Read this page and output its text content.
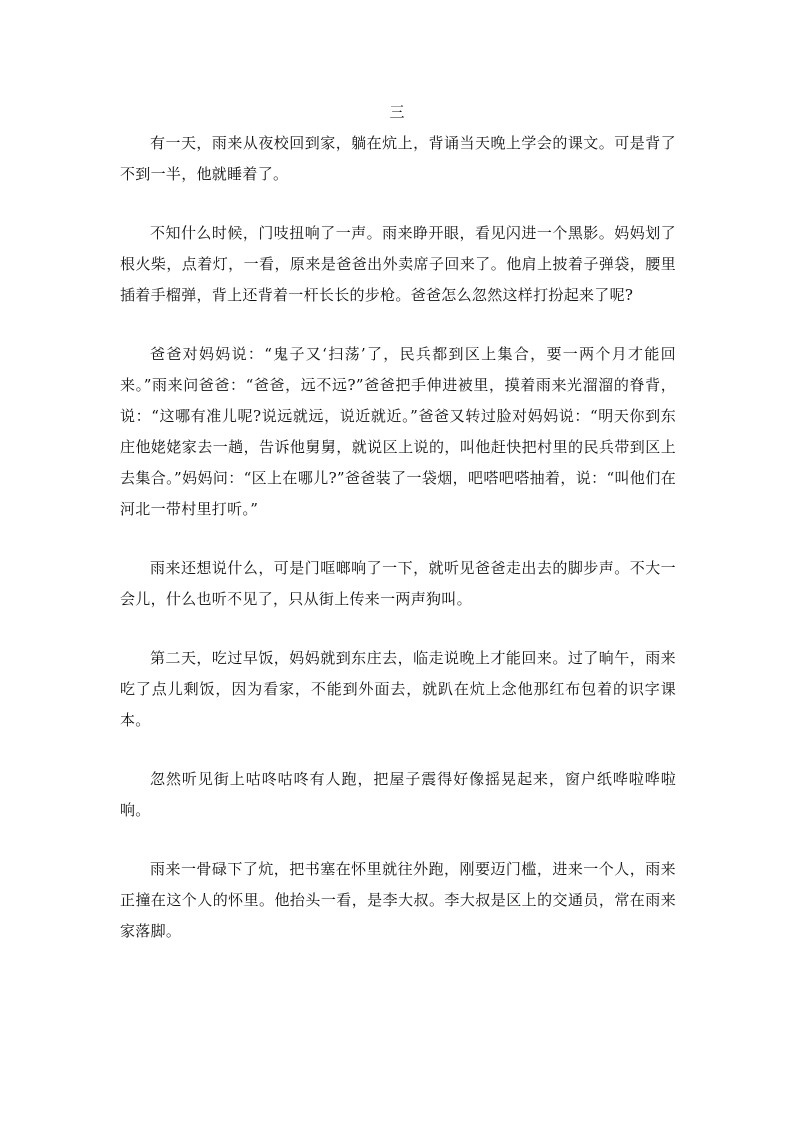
三

有一天，雨来从夜校回到家，躺在炕上，背诵当天晚上学会的课文。可是背了不到一半，他就睡着了。

不知什么时候，门吱扭响了一声。雨来睁开眼，看见闪进一个黑影。妈妈划了根火柴，点着灯，一看，原来是爸爸出外卖席子回来了。他肩上披着子弹袋，腰里插着手榴弹，背上还背着一杆长长的步枪。爸爸怎么忽然这样打扮起来了呢?

爸爸对妈妈说：“鬼子又‘扫荡’了，民兵都到区上集合，要一两个月才能回来。”雨来问爸爸：“爸爸，远不远?”爸爸把手伸进被里，摸着雨来光溜溜的脊背，说：“这哪有准儿呢?说远就远，说近就近。”爸爸又转过脸对妈妈说：“明天你到东庄他姥姥家去一趟，告诉他舅舅，就说区上说的，叫他赶快把村里的民兵带到区上去集合。”妈妈问：“区上在哪儿?”爸爸装了一袋烟，吧嗒吧嗒抽着，说：“叫他们在河北一带村里打听。”

雨来还想说什么，可是门哐啷响了一下，就听见爸爸走出去的脚步声。不大一会儿，什么也听不见了，只从街上传来一两声狗叫。

第二天，吃过早饭，妈妈就到东庄去，临走说晚上才能回来。过了晌午，雨来吃了点儿剩饭，因为看家，不能到外面去，就趴在炕上念他那红布包着的识字课本。

忽然听见街上咕咚咕咚有人跑，把屋子震得好像摇晃起来，窗户纸哗啦哗啦响。

雨来一骨碌下了炕，把书塞在怀里就往外跑，刚要迈门槛，进来一个人，雨来正撞在这个人的怀里。他抬头一看，是李大叔。李大叔是区上的交通员，常在雨来家落脚。
